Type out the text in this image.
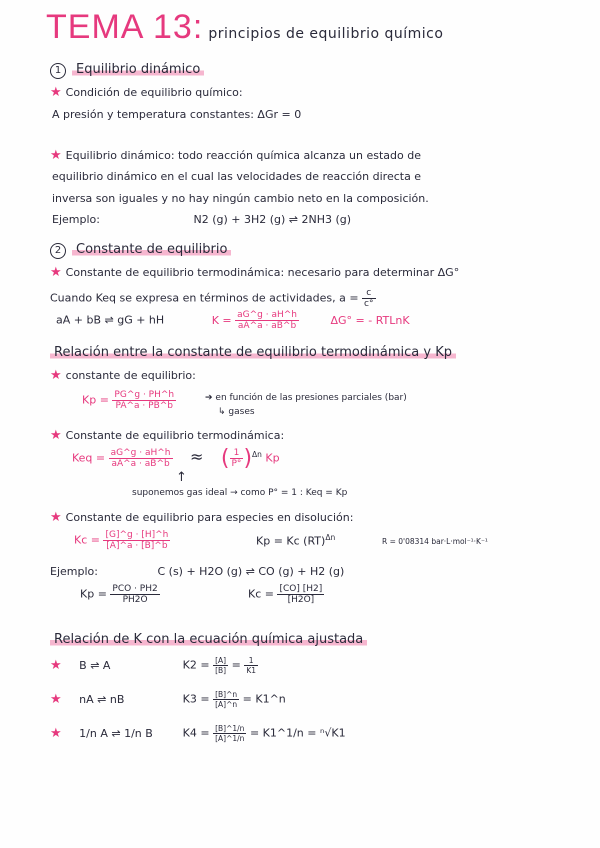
TEMA 13: principios de equilibrio químico
1 Equilibrio dinámico
★ Condición de equilibrio químico:
A presión y temperatura constantes: ΔGr = 0
★ Equilibrio dinámico: todo reacción química alcanza un estado de
equilibrio dinámico en el cual las velocidades de reacción directa e
inversa son iguales y no hay ningún cambio neto en la composición.
Ejemplo:	N2 (g) + 3H2 (g) ⇌ 2NH3 (g)
2 Constante de equilibrio
★ Constante de equilibrio termodinámica: necesario para determinar ΔG°
Cuando Keq se expresa en términos de actividades, $a = \frac{c}{c^\circ}$
aA + bB ⇌ gG + hH	$K = \frac{aG\^{}g \cdot aH\^{}h}{aA\^{}a \cdot aB\^{}b}$	ΔG° = - RTLnK
Relación entre la constante de equilibrio termodinámica y Kp
★ constante de equilibrio:
$Kp = \frac{PG\^{}g \cdot PH\^{}h}{PA\^{}a \cdot PB\^{}b}$	➔ en función de las presiones parciales (bar)
↳ gases
★ Constante de equilibrio termodinámica:
Keq = $\frac{aG\^{}g \cdot aH\^{}h}{aA\^{}a \cdot aB\^{}b}$ ≈ ( $\frac{1}{P^\circ} )^{\Delta n}$ Kp
↑
suponemos gas ideal → como P° = 1 : Keq = Kp
★ Constante de equilibrio para especies en disolución:
$Kc = \frac{[G]\^{}g \cdot [H]\^{}h}{[A]\^{}a \cdot [B]\^{}b}$	Kp = Kc (RT)$^{\Delta n}$	R = 0'08314 bar·L·mol⁻¹·K⁻¹
Ejemplo:	C (s) + H2O (g) ⇌ CO (g) + H2 (g)
$Kp = \frac{\text{PCO · PH2}}{PH2O}$	$Kc = \frac{[CO] [H2]}{[H2O]}$
Relación de K con la ecuación química ajustada
★ B ⇌ A	$K2 = \frac{[A]}{[B]} = \frac{1}{K1}$
★ nA ⇌ nB	$K3 = \frac{[B]\^{}n}{[A]\^{}n}$ = K1^n
★ 1/n A ⇌ 1/n B	$K4 = \frac{[B]\^{}1/n}{[A]\^{}1/n}$ = K1^1/n = ⁿ√K1
